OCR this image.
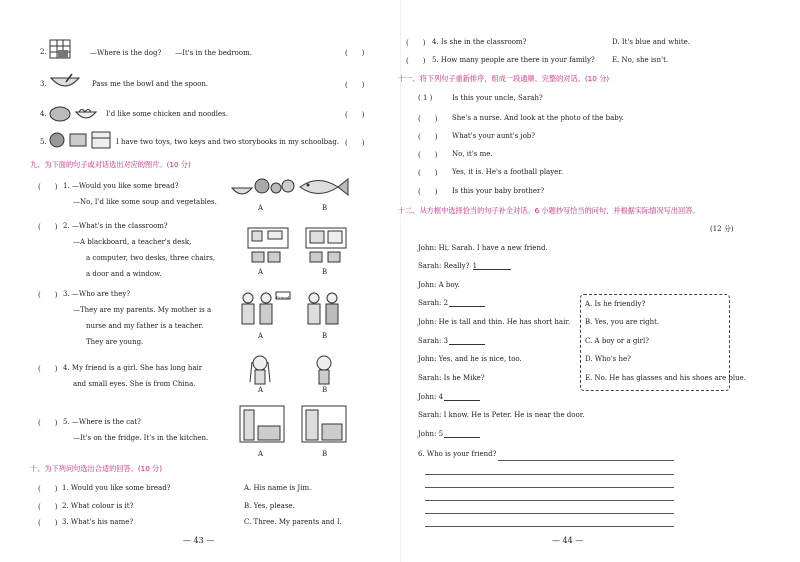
2.	—Where is the dog?　　—It's in the bedroom.	(　　)
3.	Pass me the bowl and the spoon.	(　　)
4.	I'd like some chicken and noodles.	(　　)
5.	I have two toys, two keys and two storybooks in my schoolbag. (　　)
九、为下面的句子或对话选出对应的图片。(10 分)
(　　) 1. —Would you like some bread?
—No, I'd like some soup and vegetables.
A	B
(　　) 2. —What's in the classroom?
—A blackboard, a teacher's desk,
a computer, two desks, three chairs,
a door and a window.	A	B
(　　) 3. —Who are they?
—They are my parents. My mother is a
nurse and my father is a teacher.
They are young.
Friend
A	B
(　　) 4. My friend is a girl. She has long hair
and small eyes. She is from China.
A	B
(　　) 5. —Where is the cat?
—It's on the fridge. It's in the kitchen.
A	B
十、为下列问句选出合适的回答。(10 分)
(　　) 1. Would you like some bread?	A. His name is Jim.
(　　) 2. What colour is it?	B. Yes, please.
(　　) 3. What's his name?	C. Three. My parents and I.
— 43 —
(　　) 4. Is she in the classroom?	D. It's blue and white.
(　　) 5. How many people are there in your family? E. No, she isn't.
十一、将下列句子重新排序，组成一段通顺、完整的对话。(10 分)
( 1 )	Is this your uncle, Sarah?
(　　) She's a nurse. And look at the photo of the baby.
(　　) What's your aunt's job?
(　　) No, it's me.
(　　) Yes, it is. He's a football player.
(　　) Is this your baby brother?
十二、从方框中选择恰当的句子补全对话。6 小题抄写恰当的问句，并根据实际情况写出回答。
(12 分)
John: Hi, Sarah. I have a new friend.
Sarah: Really? 1
John: A boy.
Sarah: 2
John: He is tall and thin. He has short hair.
Sarah: 3
John: Yes, and he is nice, too.
Sarah: Is he Mike?
John: 4
Sarah: I know. He is Peter. He is near the door.
John: 5
A. Is he friendly?
B. Yes, you are right.
C. A boy or a girl?
D. Who's he?
E. No. He has glasses and his shoes are blue.
6. Who is your friend?
— 44 —
